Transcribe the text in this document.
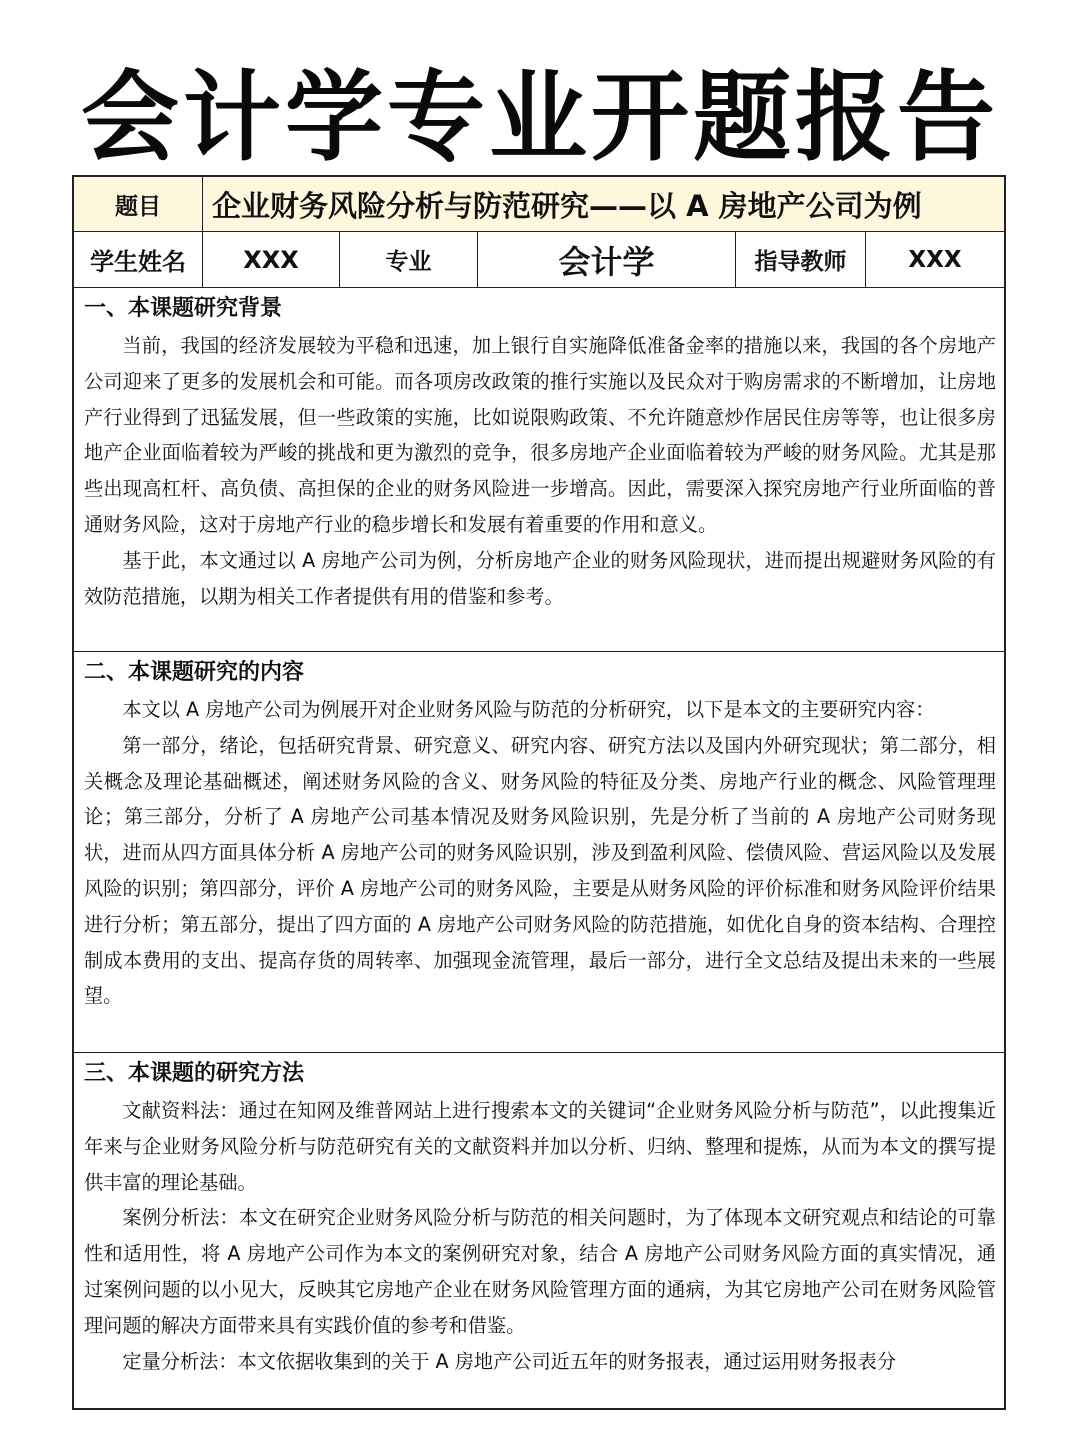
会计学专业开题报告
题目	企业财务风险分析与防范研究——以 A 房地产公司为例
学生姓名	XXX	专业	会计学	指导教师	XXX
一、本课题研究背景

当前，我国的经济发展较为平稳和迅速，加上银行自实施降低准备金率的措施以来，我国的各个房地产公司迎来了更多的发展机会和可能。而各项房改政策的推行实施以及民众对于购房需求的不断增加，让房地产行业得到了迅猛发展，但一些政策的实施，比如说限购政策、不允许随意炒作居民住房等等，也让很多房地产企业面临着较为严峻的挑战和更为激烈的竞争，很多房地产企业面临着较为严峻的财务风险。尤其是那些出现高杠杆、高负债、高担保的企业的财务风险进一步增高。因此，需要深入探究房地产行业所面临的普通财务风险，这对于房地产行业的稳步增长和发展有着重要的作用和意义。

基于此，本文通过以 A 房地产公司为例，分析房地产企业的财务风险现状，进而提出规避财务风险的有效防范措施，以期为相关工作者提供有用的借鉴和参考。

二、本课题研究的内容

本文以 A 房地产公司为例展开对企业财务风险与防范的分析研究，以下是本文的主要研究内容：

第一部分，绪论，包括研究背景、研究意义、研究内容、研究方法以及国内外研究现状；第二部分，相关概念及理论基础概述，阐述财务风险的含义、财务风险的特征及分类、房地产行业的概念、风险管理理论；第三部分，分析了 A 房地产公司基本情况及财务风险识别，先是分析了当前的 A 房地产公司财务现状，进而从四方面具体分析 A 房地产公司的财务风险识别，涉及到盈利风险、偿债风险、营运风险以及发展风险的识别；第四部分，评价 A 房地产公司的财务风险，主要是从财务风险的评价标准和财务风险评价结果进行分析；第五部分，提出了四方面的 A 房地产公司财务风险的防范措施，如优化自身的资本结构、合理控制成本费用的支出、提高存货的周转率、加强现金流管理，最后一部分，进行全文总结及提出未来的一些展望。

三、本课题的研究方法

文献资料法：通过在知网及维普网站上进行搜索本文的关键词“企业财务风险分析与防范”，以此搜集近年来与企业财务风险分析与防范研究有关的文献资料并加以分析、归纳、整理和提炼，从而为本文的撰写提供丰富的理论基础。

案例分析法：本文在研究企业财务风险分析与防范的相关问题时，为了体现本文研究观点和结论的可靠性和适用性，将 A 房地产公司作为本文的案例研究对象，结合 A 房地产公司财务风险方面的真实情况，通过案例问题的以小见大，反映其它房地产企业在财务风险管理方面的通病，为其它房地产公司在财务风险管理问题的解决方面带来具有实践价值的参考和借鉴。

定量分析法：本文依据收集到的关于 A 房地产公司近五年的财务报表，通过运用财务报表分
